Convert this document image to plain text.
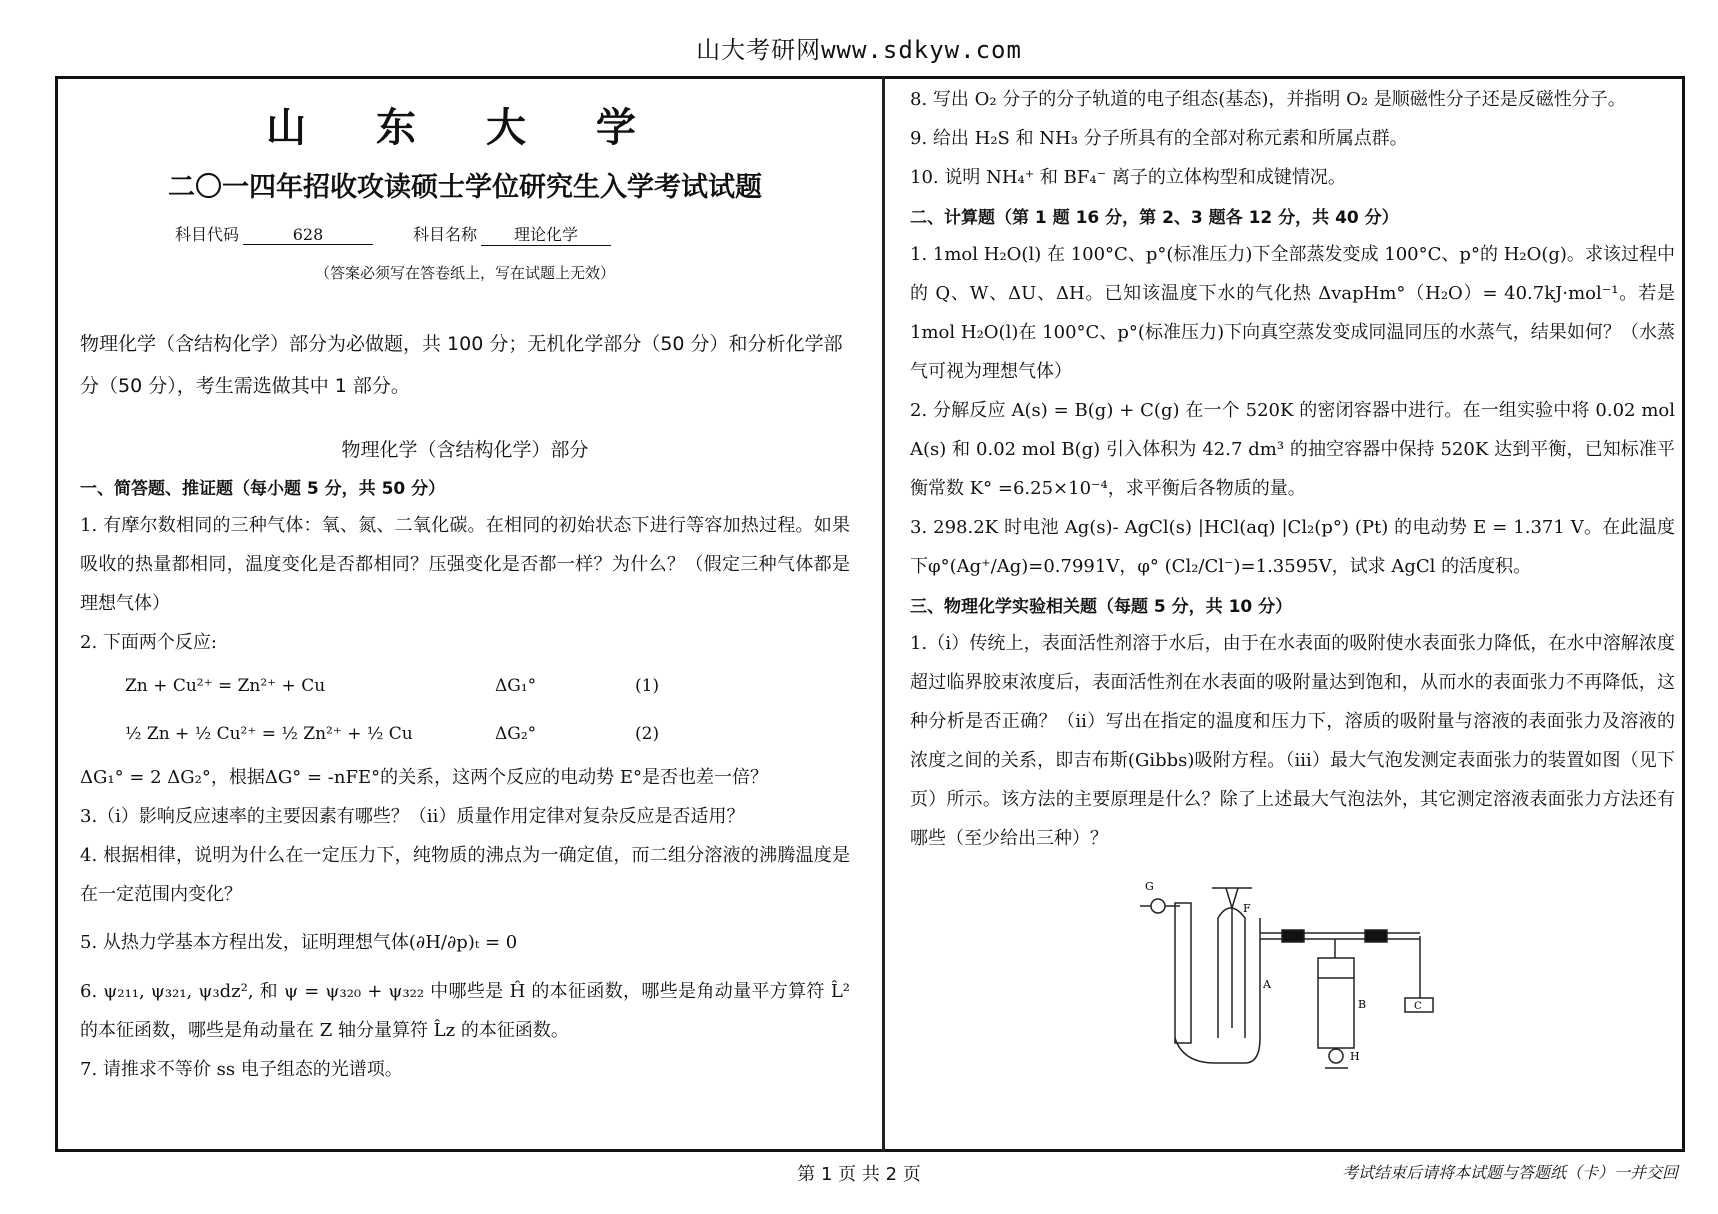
山大考研网www.sdkyw.com
山 东 大 学
二〇一四年招收攻读硕士学位研究生入学考试试题
科目代码	628	科目名称 理论化学
（答案必须写在答卷纸上，写在试题上无效）

物理化学（含结构化学）部分为必做题，共 100 分；无机化学部分（50 分）和分析化学部分（50 分），考生需选做其中 1 部分。

物理化学（含结构化学）部分
一、简答题、推证题（每小题 5 分，共 50 分）

1. 有摩尔数相同的三种气体：氧、氮、二氧化碳。在相同的初始状态下进行等容加热过程。如果吸收的热量都相同，温度变化是否都相同？压强变化是否都一样？为什么？（假定三种气体都是理想气体）

2. 下面两个反应:

Zn + Cu²⁺ = Zn²⁺ + Cu	ΔG₁°	(1)
½ Zn + ½ Cu²⁺ = ½ Zn²⁺ + ½ Cu	ΔG₂°	(2)

ΔG₁° = 2 ΔG₂°，根据ΔG° = -nFE°的关系，这两个反应的电动势 E°是否也差一倍？

3.（i）影响反应速率的主要因素有哪些？（ii）质量作用定律对复杂反应是否适用？

4. 根据相律，说明为什么在一定压力下，纯物质的沸点为一确定值，而二组分溶液的沸腾温度是在一定范围内变化？

5. 从热力学基本方程出发，证明理想气体(∂H/∂p)ₜ = 0

6. ψ₂₁₁, ψ₃₂₁, ψ₃dz², 和 ψ = ψ₃₂₀ + ψ₃₂₂ 中哪些是 Ĥ 的本征函数，哪些是角动量平方算符 L̂² 的本征函数，哪些是角动量在 Z 轴分量算符 L̂z 的本征函数。

7. 请推求不等价 ss 电子组态的光谱项。

8. 写出 O₂ 分子的分子轨道的电子组态(基态)，并指明 O₂ 是顺磁性分子还是反磁性分子。

9. 给出 H₂S 和 NH₃ 分子所具有的全部对称元素和所属点群。

10. 说明 NH₄⁺ 和 BF₄⁻ 离子的立体构型和成键情况。

二、计算题（第 1 题 16 分，第 2、3 题各 12 分，共 40 分）

1. 1mol H₂O(l) 在 100°C、p°(标准压力)下全部蒸发变成 100°C、p°的 H₂O(g)。求该过程中的 Q、W、ΔU、ΔH。已知该温度下水的气化热 ΔvapHm°（H₂O）= 40.7kJ·mol⁻¹。若是 1mol H₂O(l)在 100°C、p°(标准压力)下向真空蒸发变成同温同压的水蒸气，结果如何？（水蒸气可视为理想气体）

2. 分解反应 A(s) = B(g) + C(g) 在一个 520K 的密闭容器中进行。在一组实验中将 0.02 mol A(s) 和 0.02 mol B(g) 引入体积为 42.7 dm³ 的抽空容器中保持 520K 达到平衡，已知标准平衡常数 K° =6.25×10⁻⁴，求平衡后各物质的量。

3. 298.2K 时电池 Ag(s)- AgCl(s) |HCl(aq) |Cl₂(p°) (Pt) 的电动势 E = 1.371 V。在此温度下φ°(Ag⁺/Ag)=0.7991V，φ° (Cl₂/Cl⁻)=1.3595V，试求 AgCl 的活度积。

三、物理化学实验相关题（每题 5 分，共 10 分）

1.（i）传统上，表面活性剂溶于水后，由于在水表面的吸附使水表面张力降低，在水中溶解浓度超过临界胶束浓度后，表面活性剂在水表面的吸附量达到饱和，从而水的表面张力不再降低，这种分析是否正确？（ii）写出在指定的温度和压力下，溶质的吸附量与溶液的表面张力及溶液的浓度之间的关系，即吉布斯(Gibbs)吸附方程。（iii）最大气泡发测定表面张力的装置如图（见下页）所示。该方法的主要原理是什么？除了上述最大气泡法外，其它测定溶液表面张力方法还有哪些（至少给出三种）？

G
F
A
B
H
C
第 1 页 共 2 页	考试结束后请将本试题与答题纸（卡）一并交回
